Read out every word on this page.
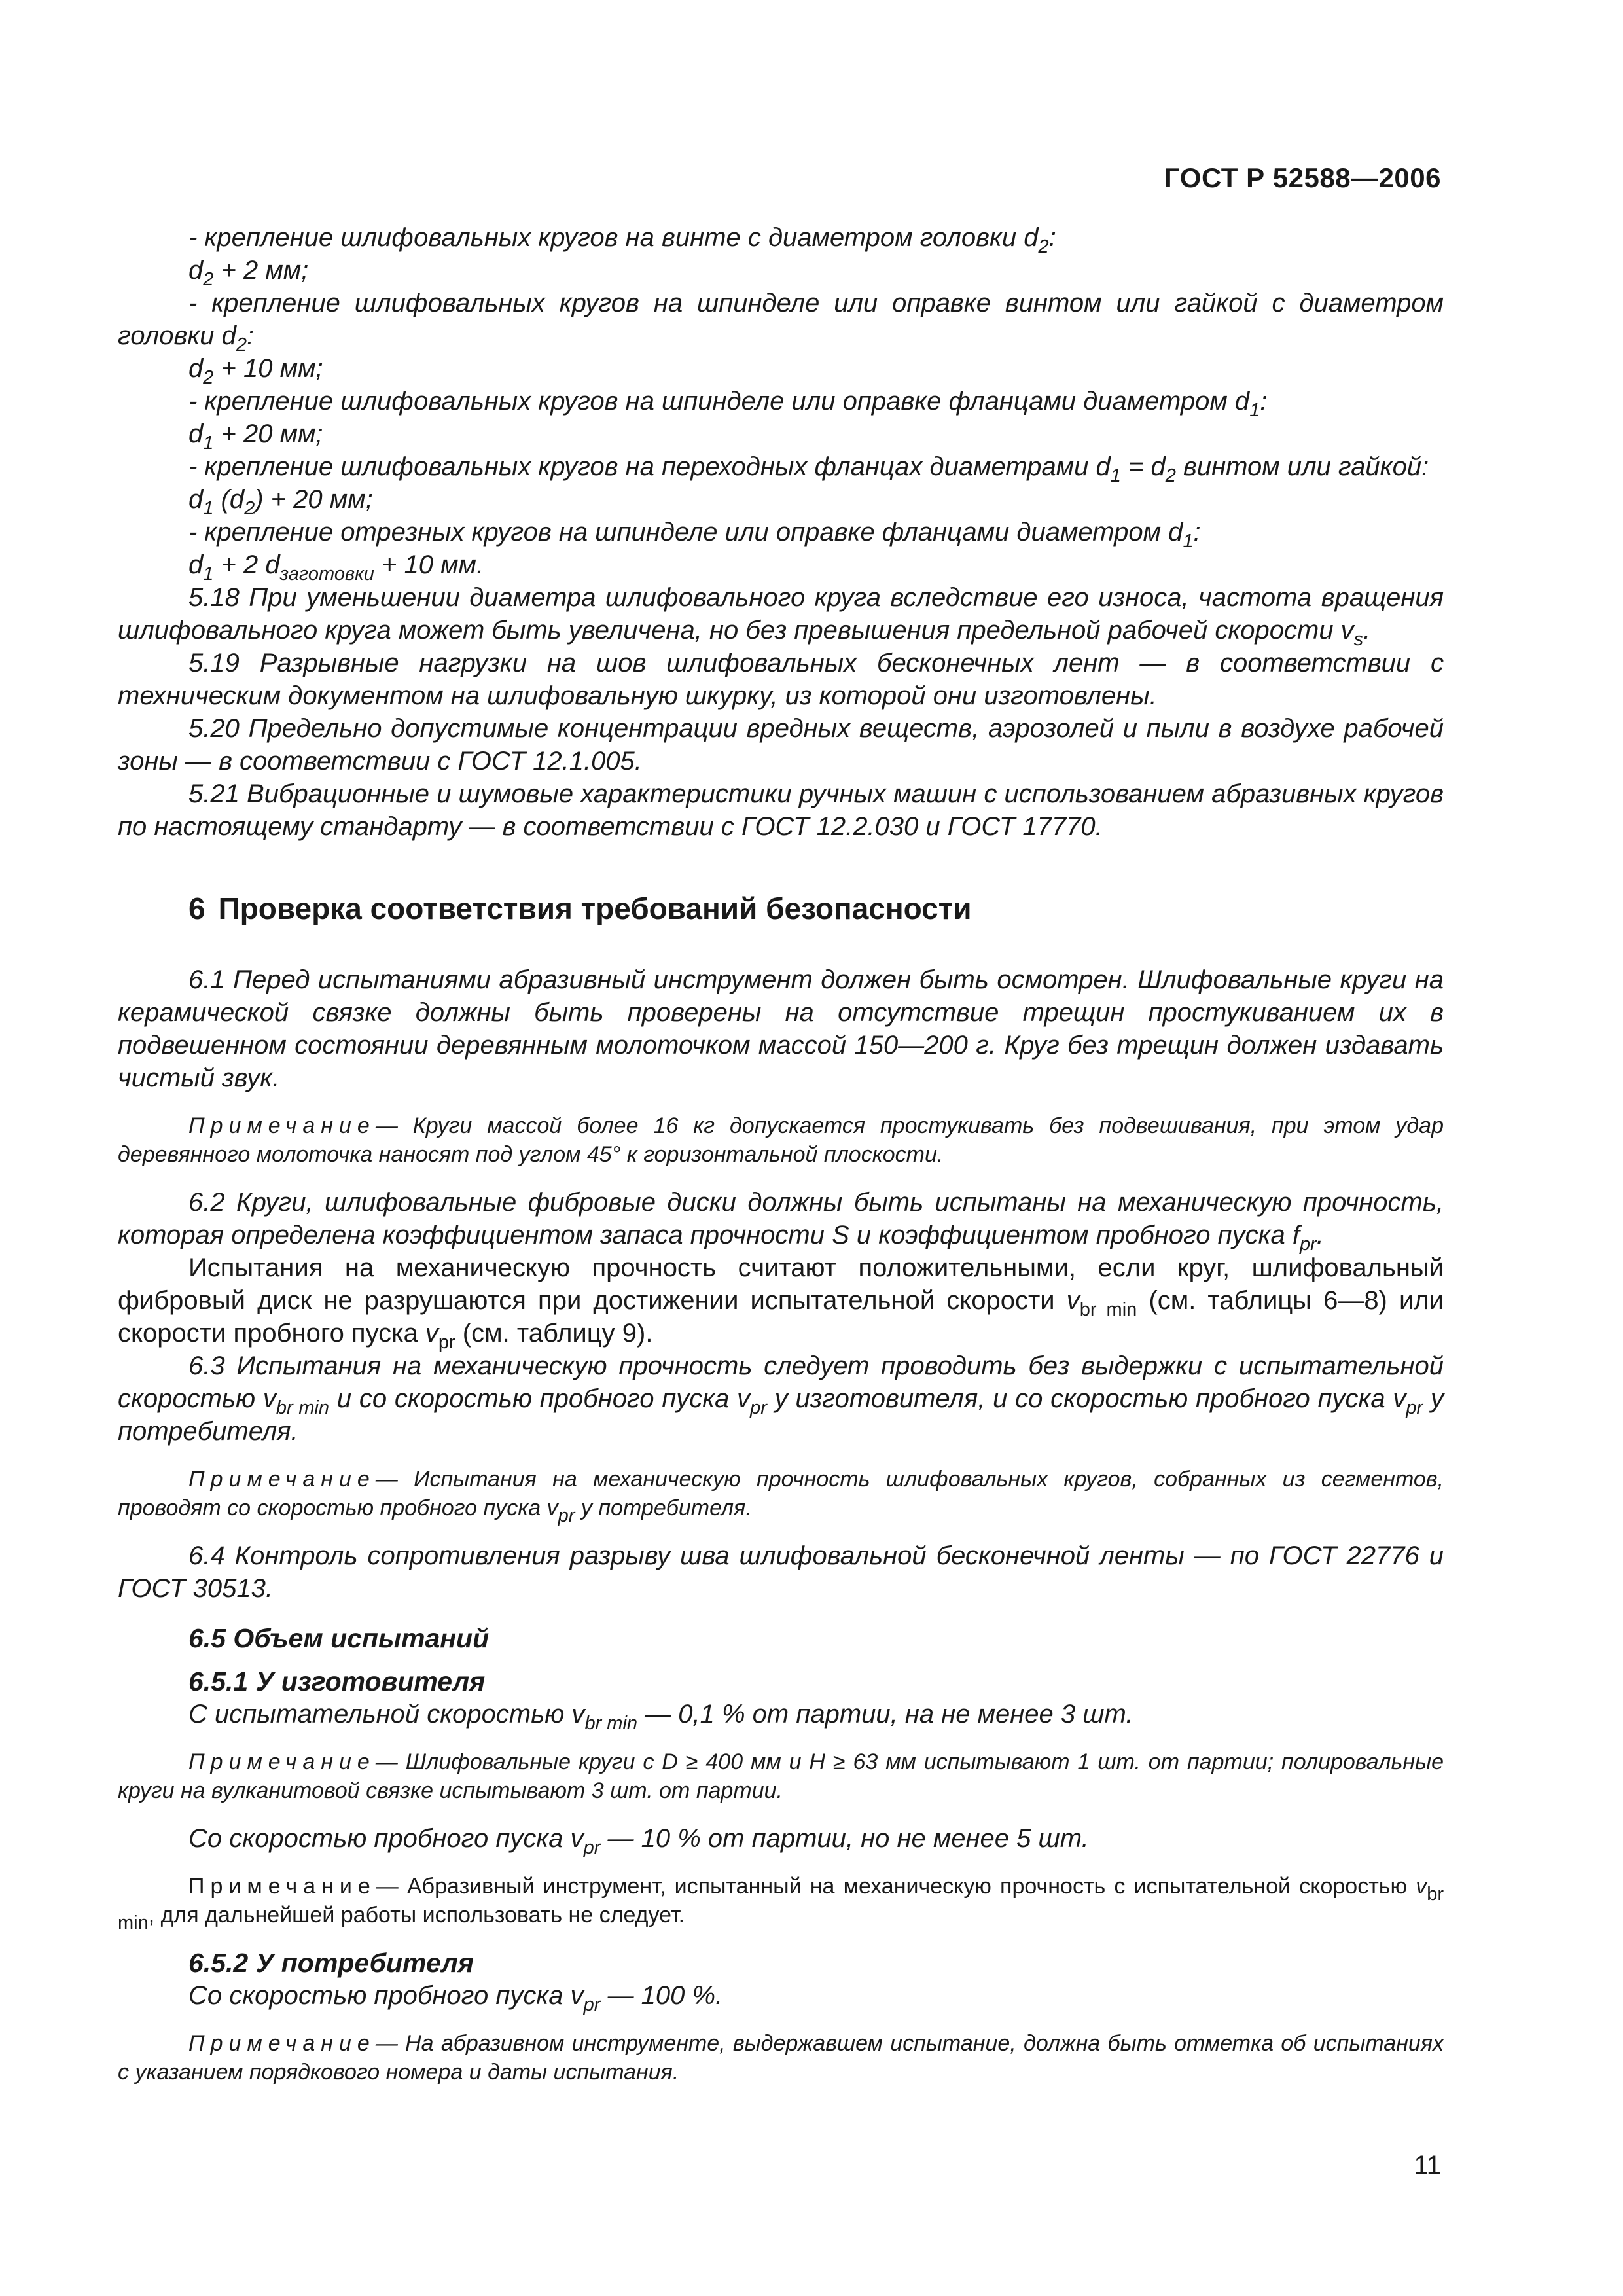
ГОСТ Р 52588—2006

- крепление шлифовальных кругов на винте с диаметром головки $d_2$:

$d_2 + 2$ мм;

- крепление шлифовальных кругов на шпинделе или оправке винтом или гайкой с диаметром головки $d_2$:

$d_2 + 10$ мм;

- крепление шлифовальных кругов на шпинделе или оправке фланцами диаметром $d_1$:

$d_1 + 20$ мм;

- крепление шлифовальных кругов на переходных фланцах диаметрами $d_1 = d_2$ винтом или гайкой:

$d_1$ $(d_2) + 20$ мм;

- крепление отрезных кругов на шпинделе или оправке фланцами диаметром $d_1$:

$d_1 + 2$ $d_{заготовки} + 10$ мм.

5.18 При уменьшении диаметра шлифовального круга вследствие его износа, частота вращения шлифовального круга может быть увеличена, но без превышения предельной рабочей скорости $v_s$.

5.19 Разрывные нагрузки на шов шлифовальных бесконечных лент — в соответствии с техническим документом на шлифовальную шкурку, из которой они изготовлены.

5.20 Предельно допустимые концентрации вредных веществ, аэрозолей и пыли в воздухе рабочей зоны — в соответствии с ГОСТ 12.1.005.

5.21 Вибрационные и шумовые характеристики ручных машин с использованием абразивных кругов по настоящему стандарту — в соответствии с ГОСТ 12.2.030 и ГОСТ 17770.

6 Проверка соответствия требований безопасности

6.1 Перед испытаниями абразивный инструмент должен быть осмотрен. Шлифовальные круги на керамической связке должны быть проверены на отсутствие трещин простукиванием их в подвешенном состоянии деревянным молоточком массой 150—200 г. Круг без трещин должен издавать чистый звук.

Примечание— Круги массой более 16 кг допускается простукивать без подвешивания, при этом удар деревянного молоточка наносят под углом 45° к горизонтальной плоскости.

6.2 Круги, шлифовальные фибровые диски должны быть испытаны на механическую прочность, которая определена коэффициентом запаса прочности S и коэффициентом пробного пуска $f_{pr}$.

Испытания на механическую прочность считают положительными, если круг, шлифовальный фибровый диск не разрушаются при достижении испытательной скорости $v_{br min}$ (см. таблицы 6—8) или скорости пробного пуска $v_{pr}$ (см. таблицу 9).

6.3 Испытания на механическую прочность следует проводить без выдержки с испытательной скоростью $v_{br min}$ и со скоростью пробного пуска $v_{pr}$ у изготовителя, и со скоростью пробного пуска $v_{pr}$ у потребителя.

Примечание— Испытания на механическую прочность шлифовальных кругов, собранных из сегментов, проводят со скоростью пробного пуска $v_{pr}$ у потребителя.

6.4 Контроль сопротивления разрыву шва шлифовальной бесконечной ленты — по ГОСТ 22776 и ГОСТ 30513.

6.5 Объем испытаний

6.5.1 У изготовителя

С испытательной скоростью $v_{br min}$ — 0,1 % от партии, на не менее 3 шт.

Примечание— Шлифовальные круги с D ≥ 400 мм и H ≥ 63 мм испытывают 1 шт. от партии; полировальные круги на вулканитовой связке испытывают 3 шт. от партии.

Со скоростью пробного пуска $v_{pr}$ — 10 % от партии, но не менее 5 шт.

Примечание— Абразивный инструмент, испытанный на механическую прочность с испытательной скоростью $v_{br min}$, для дальнейшей работы использовать не следует.

6.5.2 У потребителя

Со скоростью пробного пуска $v_{pr}$ — 100 %.

Примечание— На абразивном инструменте, выдержавшем испытание, должна быть отметка об испытаниях с указанием порядкового номера и даты испытания.

11
